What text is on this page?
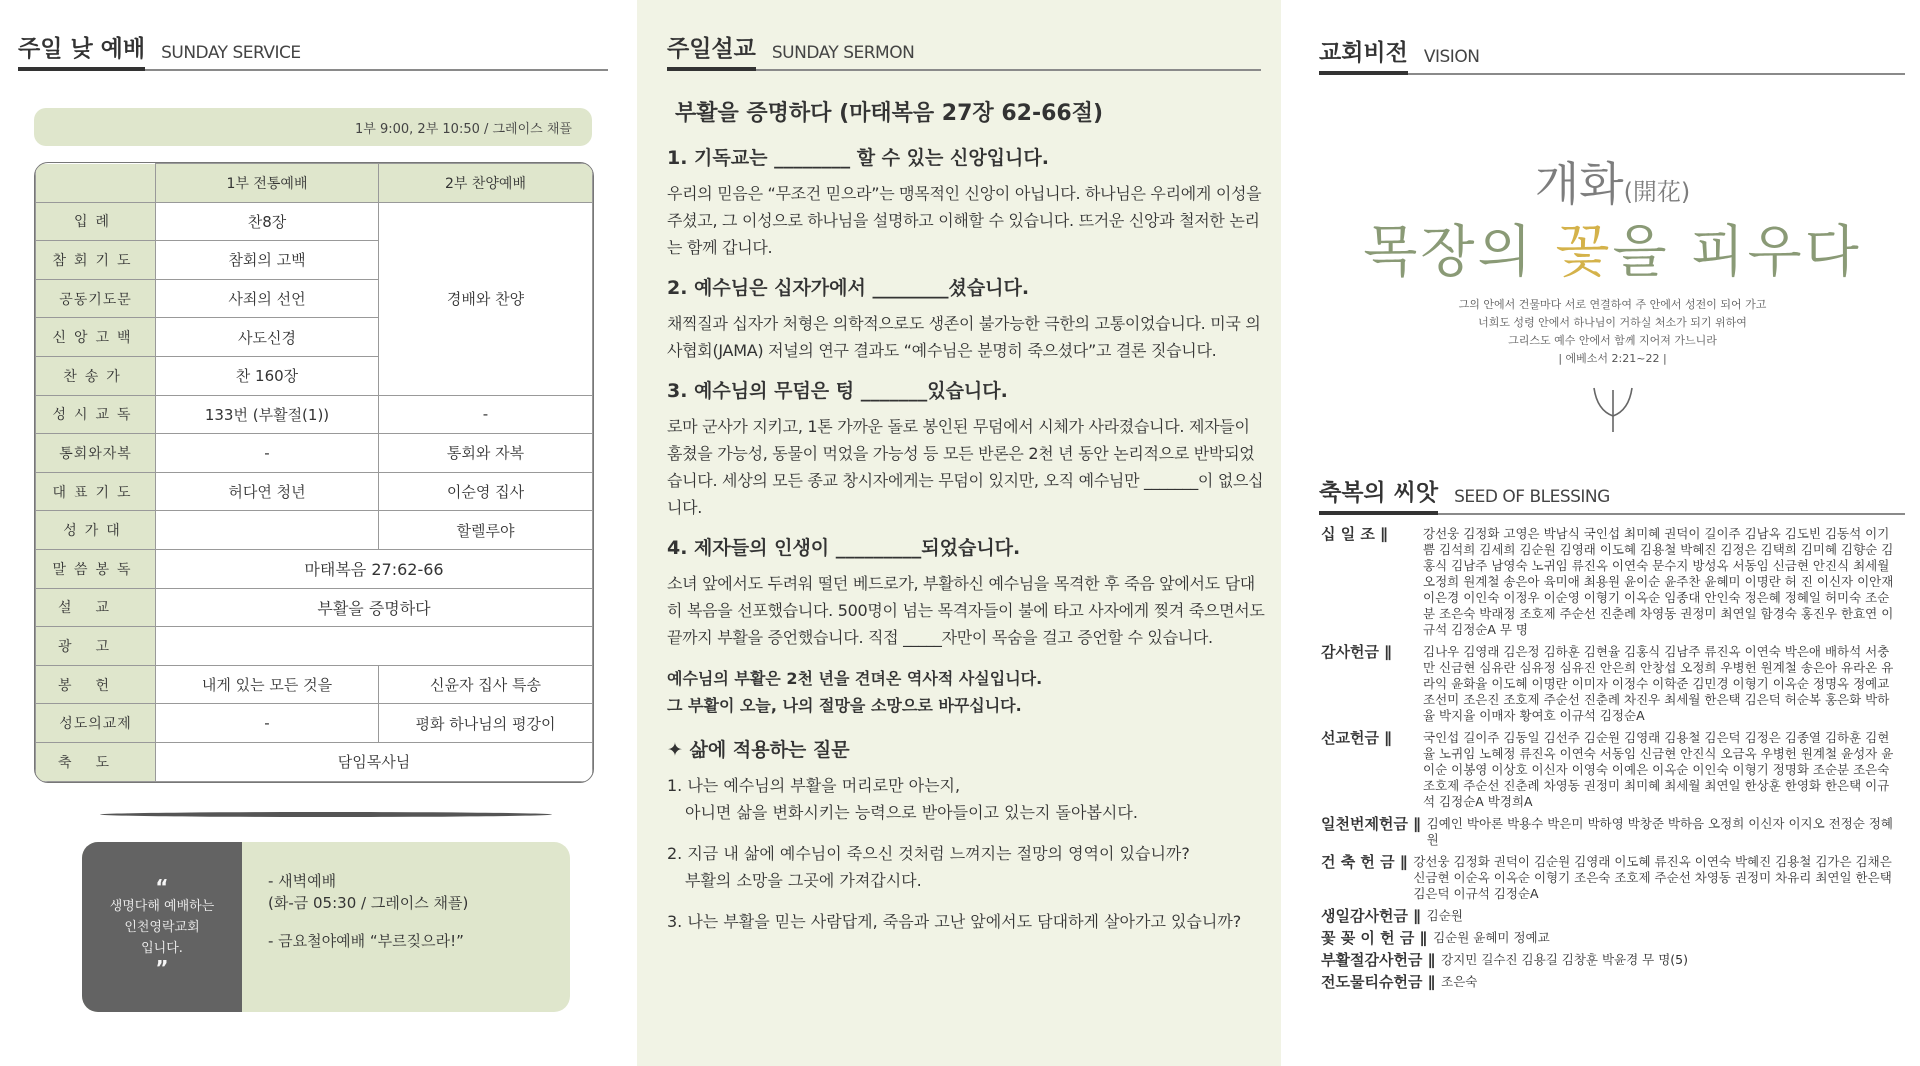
주일 낮 예배 SUNDAY SERVICE
1부 9:00, 2부 10:50 / 그레이스 채플
	1부 전통예배	2부 찬양예배
입례	찬8장	경배와 찬양
참회기도	참회의 고백	
공동기도문	사죄의 선언	
신앙고백	사도신경	
찬송가	찬 160장	
성시교독	133번 (부활절(1))	-
통회와자복	-	통회와 자복
대표기도	허다연 청년	이순영 집사
성가대		할렐루야
말씀봉독	마태복음 27:62-66	
설교	부활을 증명하다	
광고		
봉헌	내게 있는 모든 것을	신윤자 집사 특송
성도의교제	-	평화 하나님의 평강이
축도	담임목사님	
“
생명다해 예배하는
인천영락교회
입니다.
”
- 새벽예배
(화-금 05:30 / 그레이스 채플)
- 금요철야예배 “부르짖으라!”
주일설교 SUNDAY SERMON
부활을 증명하다 (마태복음 27장 62-66절)
1. 기독교는 ________ 할 수 있는 신앙입니다.
우리의 믿음은 “무조건 믿으라”는 맹목적인 신앙이 아닙니다. 하나님은 우리에게 이성을 주셨고, 그 이성으로 하나님을 설명하고 이해할 수 있습니다. 뜨거운 신앙과 철저한 논리는 함께 갑니다.
2. 예수님은 십자가에서 ________셨습니다.
채찍질과 십자가 처형은 의학적으로도 생존이 불가능한 극한의 고통이었습니다. 미국 의사협회(JAMA) 저널의 연구 결과도 “예수님은 분명히 죽으셨다”고 결론 짓습니다.
3. 예수님의 무덤은 텅 _______있습니다.
로마 군사가 지키고, 1톤 가까운 돌로 봉인된 무덤에서 시체가 사라졌습니다. 제자들이 훔쳤을 가능성, 동물이 먹었을 가능성 등 모든 반론은 2천 년 동안 논리적으로 반박되었습니다. 세상의 모든 종교 창시자에게는 무덤이 있지만, 오직 예수님만 _______이 없으십니다.
4. 제자들의 인생이 _________되었습니다.
소녀 앞에서도 두려워 떨던 베드로가, 부활하신 예수님을 목격한 후 죽음 앞에서도 담대히 복음을 선포했습니다. 500명이 넘는 목격자들이 불에 타고 사자에게 찢겨 죽으면서도 끝까지 부활을 증언했습니다. 직접 _____자만이 목숨을 걸고 증언할 수 있습니다.
예수님의 부활은 2천 년을 견뎌온 역사적 사실입니다.
그 부활이 오늘, 나의 절망을 소망으로 바꾸십니다.
✦ 삶에 적용하는 질문
1. 나는 예수님의 부활을 머리로만 아는지,
아니면 삶을 변화시키는 능력으로 받아들이고 있는지 돌아봅시다.
2. 지금 내 삶에 예수님이 죽으신 것처럼 느껴지는 절망의 영역이 있습니까?
부활의 소망을 그곳에 가져갑시다.
3. 나는 부활을 믿는 사람답게, 죽음과 고난 앞에서도 담대하게 살아가고 있습니까?
교회비전 VISION
개화(開花)
목장의 꽃을 피우다
그의 안에서 건물마다 서로 연결하여 주 안에서 성전이 되어 가고
너희도 성령 안에서 하나님이 거하실 처소가 되기 위하여
그리스도 예수 안에서 함께 지어져 가느니라
| 에베소서 2:21~22 |
축복의 씨앗 SEED OF BLESSING
십 일 조 ∥	강선웅 김정화 고영은 박남식 국인섭 최미혜 권덕이 길이주 김남옥 김도빈 김동석 이기쁨 김석희 김세희 김순원 김영래 이도혜 김용철 박혜진 김정은 김택희 김미혜 김향순 김홍식 김남주 남영숙 노귀임 류진옥 이연숙 문수지 방성옥 서동임 신금현 안진식 최세월 오정희 원계철 송은아 육미애 최용원 윤이순 윤주찬 윤혜미 이명란 허 진 이신자 이안재 이은경 이인숙 이정우 이순영 이형기 이옥순 임종대 안인숙 정은혜 정혜일 허미숙 조순분 조은숙 박래정 조호제 주순선 진춘례 차영동 권정미 최연일 함경숙 홍진우 한효연 이규석 김정순A 무 명
감사헌금 ∥	김나우 김영래 김은정 김하훈 김현율 김홍식 김남주 류진옥 이연숙 박은애 배하석 서충만 신금현 심유란 심유정 심유진 안은희 안창섭 오정희 우병헌 원계철 송은아 유라온 유라익 윤화율 이도혜 이명란 이미자 이정수 이학준 김민경 이형기 이옥순 정명옥 정예교 조선미 조은진 조호제 주순선 진춘례 차진우 최세월 한은택 김은덕 허순복 홍은화 박하율 박지율 이매자 황여호 이규석 김정순A
선교헌금 ∥	국인섭 길이주 김동일 김선주 김순원 김영래 김용철 김은덕 김정은 김종열 김하훈 김현율 노귀임 노혜정 류진옥 이연숙 서동임 신금현 안진식 오금옥 우병헌 원계철 윤성자 윤이순 이봉영 이상호 이신자 이영숙 이예은 이옥순 이인숙 이형기 정명화 조순분 조은숙 조호제 주순선 진춘례 차영동 권정미 최미혜 최세월 최연일 한상훈 한영화 한은택 이규석 김정순A 박경희A
일천번제헌금 ∥ 김예인 박아론 박용수 박은미 박하영 박창준 박하음 오정희 이신자 이지오 전정순 정혜원
건 축 헌 금 ∥ 강선웅 김정화 권덕이 김순원 김영래 이도혜 류진옥 이연숙 박혜진 김용철 김가은 김채은 신금현 이순옥 이옥순 이형기 조은숙 조호제 주순선 차영동 권정미 차유리 최연일 한은택 김은덕 이규석 김정순A
생일감사헌금 ∥ 김순원
꽃 꽂 이 헌 금 ∥ 김순원 윤혜미 정예교
부활절감사헌금 ∥ 강지민 길수진 김용길 김창훈 박윤경 무 명(5)
전도물티슈헌금 ∥ 조은숙
